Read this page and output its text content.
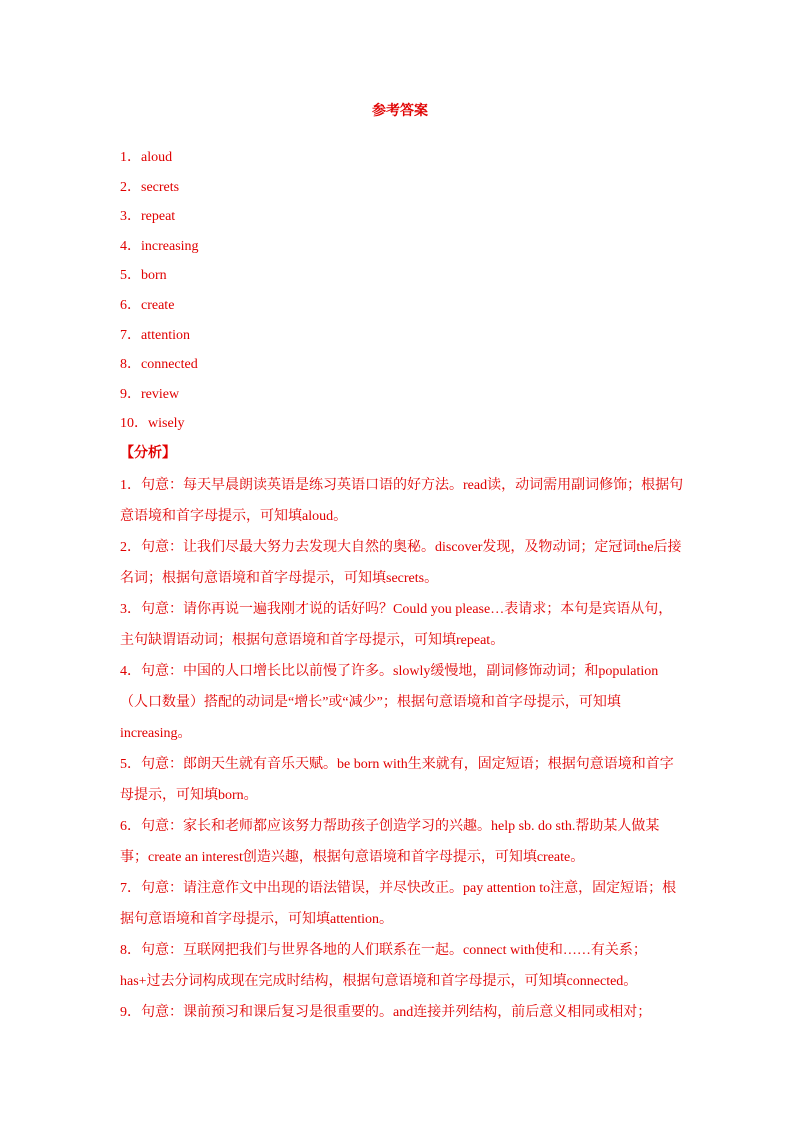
参考答案
1．aloud
2．secrets
3．repeat
4．increasing
5．born
6．create
7．attention
8．connected
9．review
10．wisely
【分析】

1．句意：每天早晨朗读英语是练习英语口语的好方法。read读，动词需用副词修饰；根据句意语境和首字母提示，可知填aloud。

2．句意：让我们尽最大努力去发现大自然的奥秘。discover发现，及物动词；定冠词the后接名词；根据句意语境和首字母提示，可知填secrets。

3．句意：请你再说一遍我刚才说的话好吗？Could you please…表请求；本句是宾语从句，主句缺谓语动词；根据句意语境和首字母提示，可知填repeat。

4．句意：中国的人口增长比以前慢了许多。slowly缓慢地，副词修饰动词；和population（人口数量）搭配的动词是“增长”或“减少”；根据句意语境和首字母提示，可知填increasing。

5．句意：郎朗天生就有音乐天赋。be born with生来就有，固定短语；根据句意语境和首字母提示，可知填born。

6．句意：家长和老师都应该努力帮助孩子创造学习的兴趣。help sb. do sth.帮助某人做某事；create an interest创造兴趣，根据句意语境和首字母提示，可知填create。

7．句意：请注意作文中出现的语法错误，并尽快改正。pay attention to注意，固定短语；根据句意语境和首字母提示，可知填attention。

8．句意：互联网把我们与世界各地的人们联系在一起。connect with使和……有关系；has+过去分词构成现在完成时结构，根据句意语境和首字母提示，可知填connected。

9．句意：课前预习和课后复习是很重要的。and连接并列结构，前后意义相同或相对；
